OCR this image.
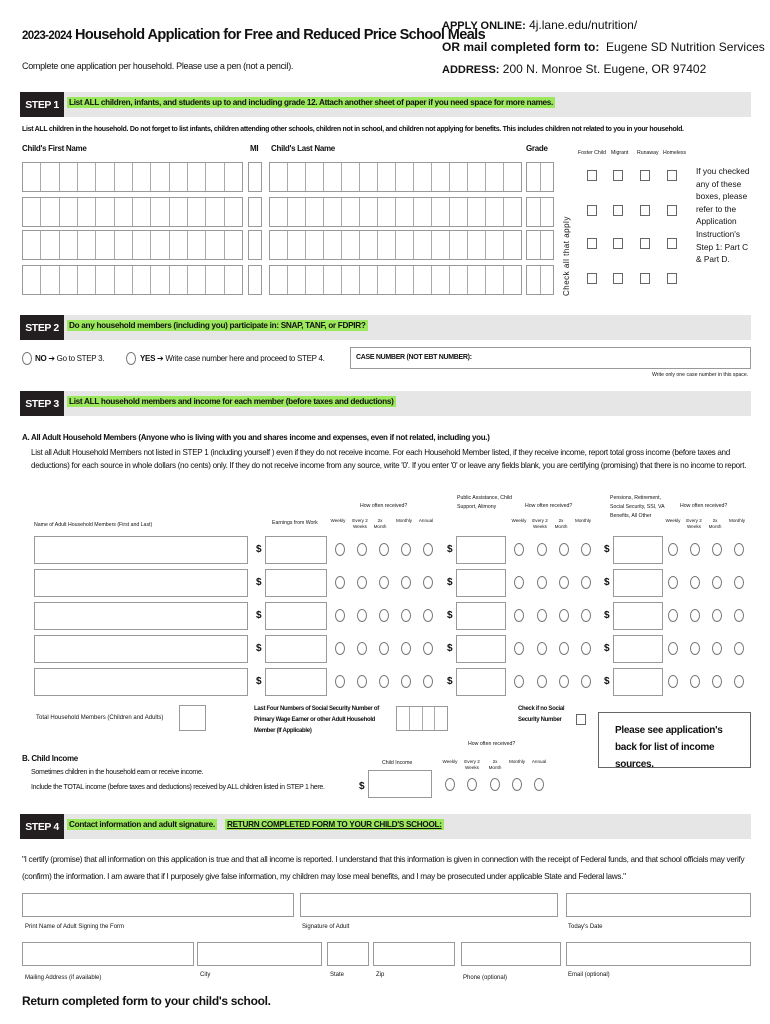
2023-2024 Household Application for Free and Reduced Price School Meals
Complete one application per household. Please use a pen (not a pencil).
APPLY ONLINE: 4j.lane.edu/nutrition/
OR mail completed form to: Eugene SD Nutrition Services
ADDRESS: 200 N. Monroe St. Eugene, OR 97402
STEP 1	List ALL children, infants, and students up to and including grade 12. Attach another sheet of paper if you need space for more names.
List ALL children in the household. Do not forget to list infants, children attending other schools, children not in school, and children not applying for benefits. This includes children not related to you in your household.
Child's First Name	MI Child's Last Name	Grade	Foster Child Migrant Runaway Homeless
Check all that apply
If you checked any of these boxes, please refer to the Application Instruction's Step 1: Part C & Part D.
STEP 2	Do any household members (including you) participate in: SNAP, TANF, or FDPIR?
NO ➔ Go to STEP 3.	YES ➔ Write case number here and proceed to STEP 4.	CASE NUMBER (NOT EBT NUMBER):
Write only one case number in this space.
STEP 3	List ALL household members and income for each member (before taxes and deductions)
A. All Adult Household Members (Anyone who is living with you and shares income and expenses, even if not related, including you.)
List all Adult Household Members not listed in STEP 1 (including yourself ) even if they do not receive income. For each Household Member listed, if they receive income, report total gross income (before taxes and deductions) for each source in whole dollars (no cents) only. If they do not receive income from any source, write '0'. If you enter '0' or leave any fields blank, you are certifying (promising) that there is no income to report.
Name of Adult Household Members (First and Last)	Earnings from Work
Public Assistance, Child Support, Alimony
Pensions, Retirement, Social Security, SSI, VA Benefits, All Other
How often received?	How often received?	How often received?
Weekly Every 2 Weeks
2x Month
Monthly Annual	Weekly Every 2 Weeks
2x Month
Monthly	Weekly Every 2 Weeks
2x Month
Monthly
$	$	$
$	$	$
$	$	$
$	$	$
$	$	$
Total Household Members (Children and Adults)
Last Four Numbers of Social Security Number of Primary Wage Earner or other Adult Household Member (If Applicable)
Check if no Social Security Number
Please see application's back for list of income sources.
B. Child Income
Sometimes children in the household earn or receive income.
Include the TOTAL income (before taxes and deductions) received by ALL children listed in STEP 1 here.
Child Income
How often received?
$
Weekly Every 2 Weeks
2x Month
Monthly Annual
STEP 4	Contact information and adult signature. RETURN COMPLETED FORM TO YOUR CHILD'S SCHOOL:
"I certify (promise) that all information on this application is true and that all income is reported. I understand that this information is given in connection with the receipt of Federal funds, and that school officials may verify (confirm) the information. I am aware that if I purposely give false information, my children may lose meal benefits, and I may be prosecuted under applicable State and Federal laws."
Print Name of Adult Signing the Form	Signature of Adult	Today's Date
Mailing Address (if available)	City	State	Zip	Phone (optional)	Email (optional)
Return completed form to your child's school.
